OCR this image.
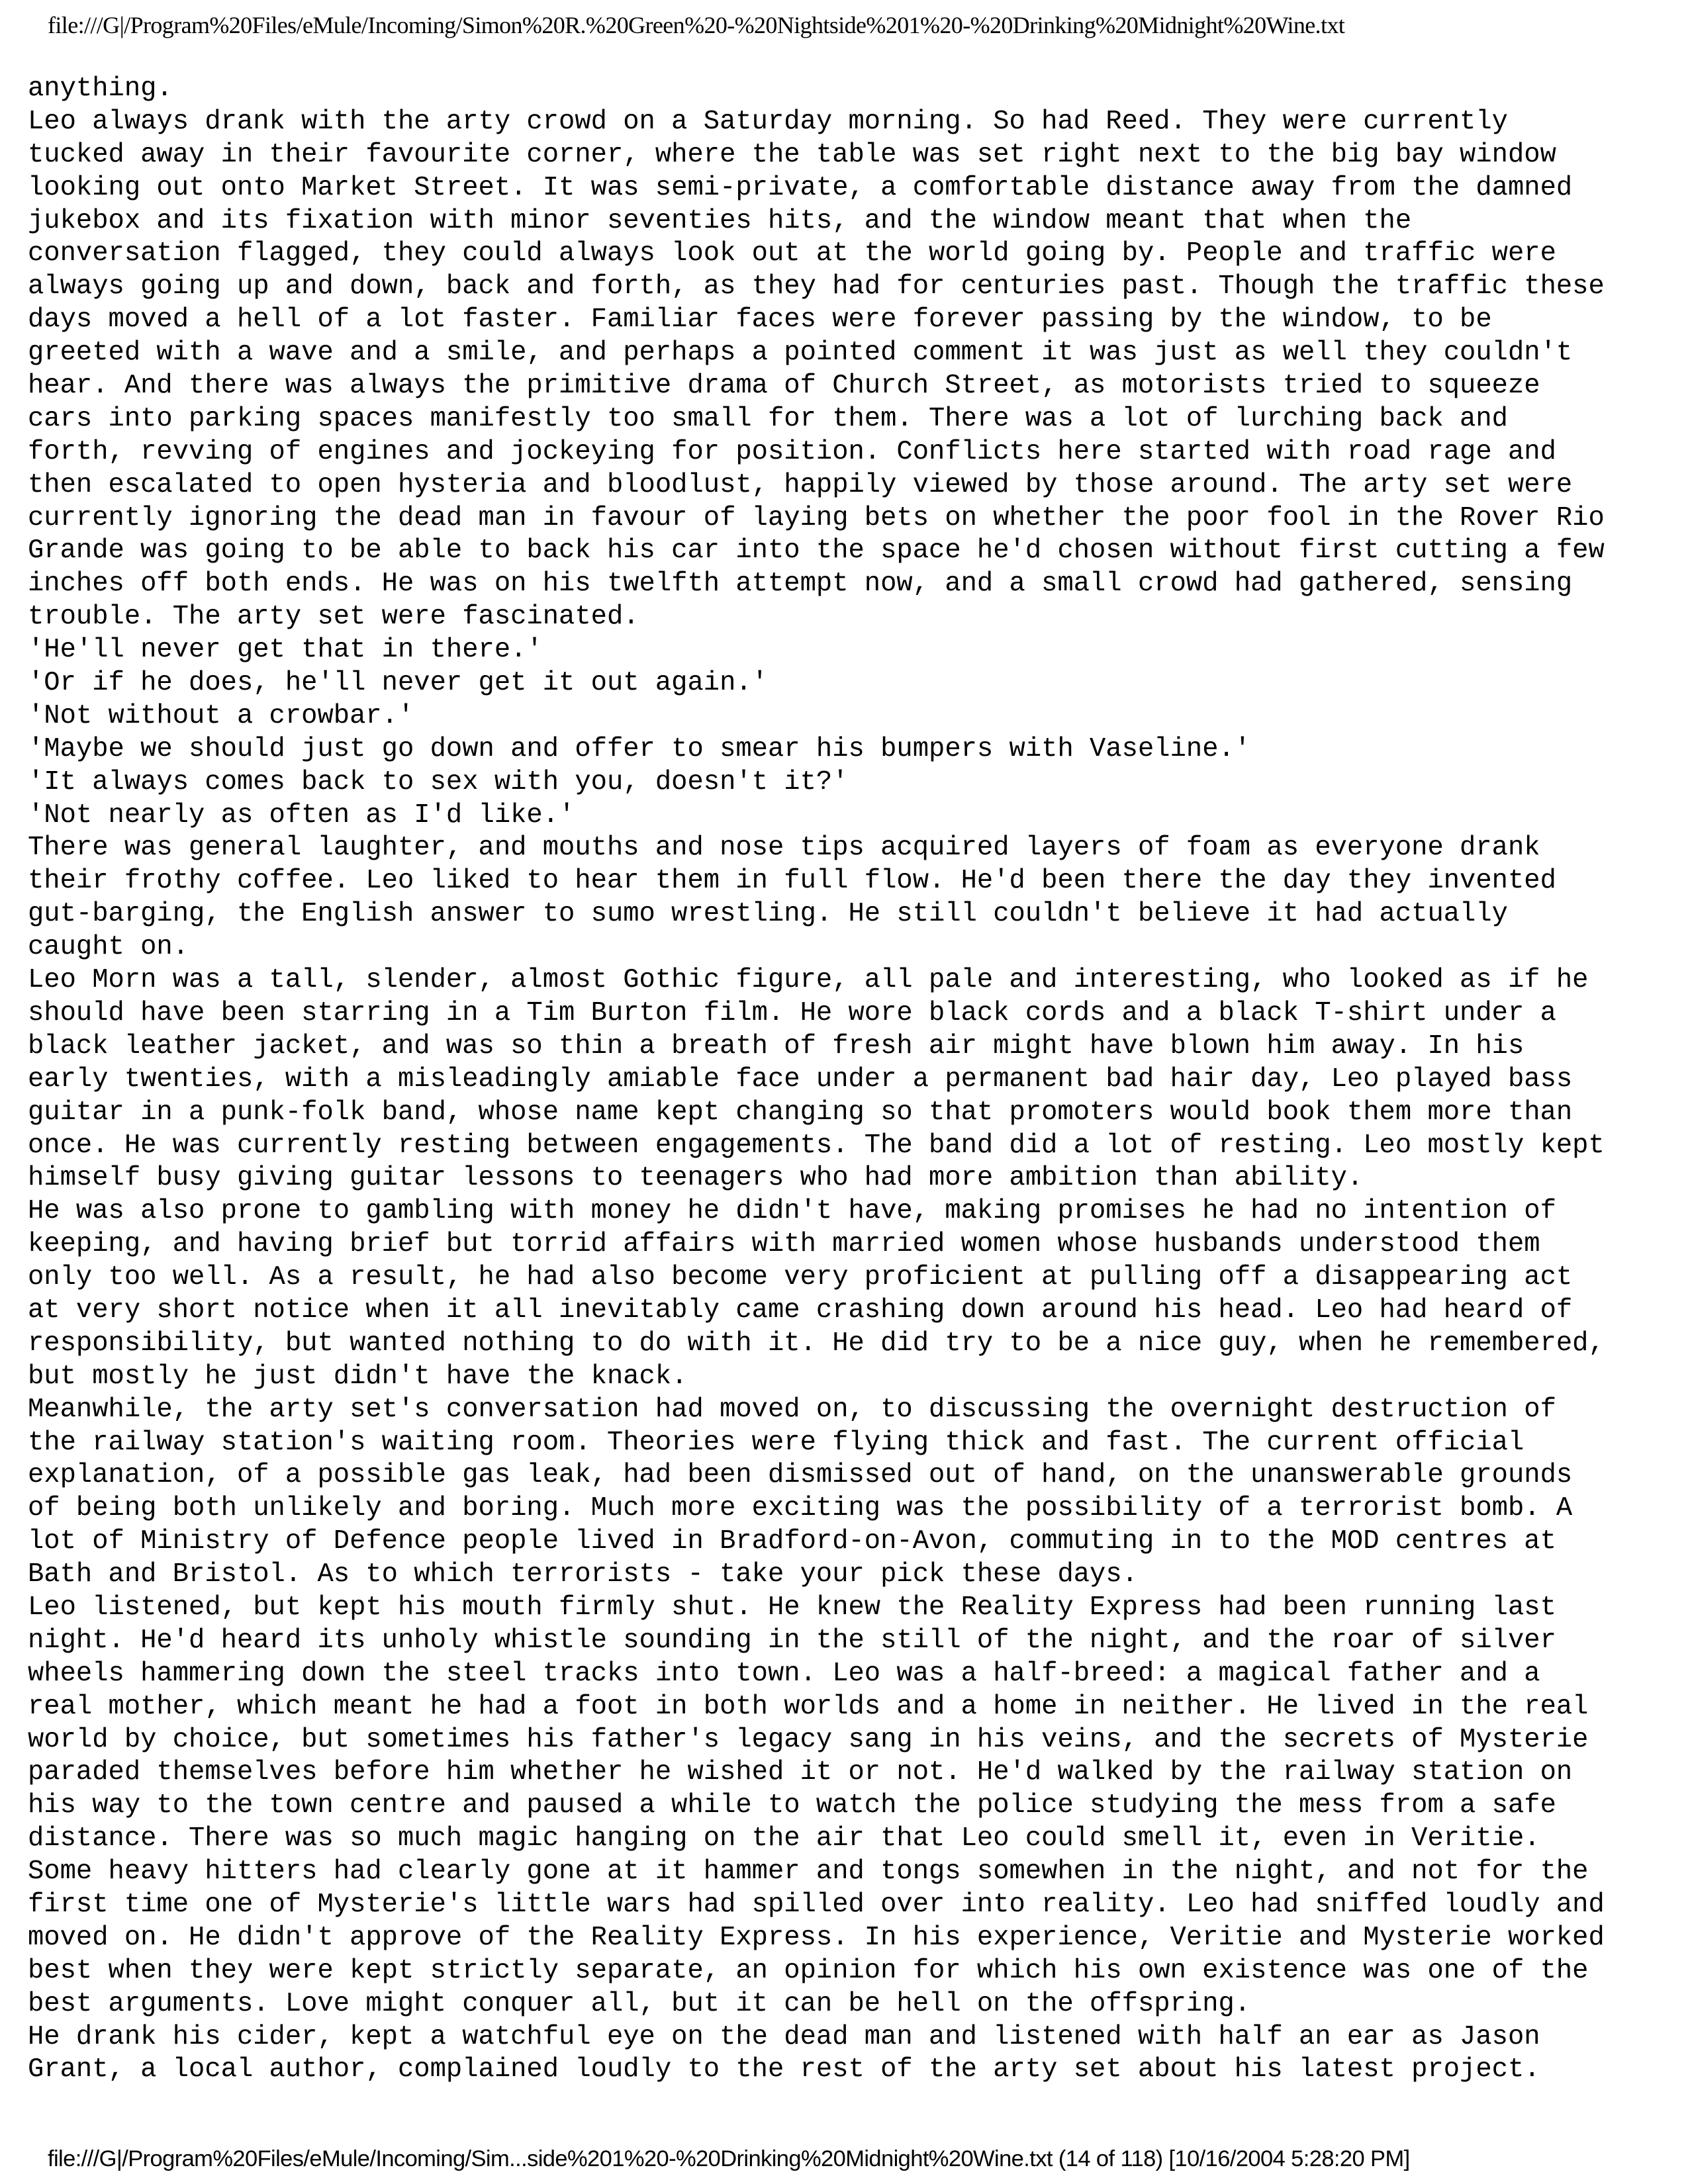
file:///G|/Program%20Files/eMule/Incoming/Simon%20R.%20Green%20-%20Nightside%201%20-%20Drinking%20Midnight%20Wine.txt
anything.
Leo always drank with the arty crowd on a Saturday morning. So had Reed. They were currently
tucked away in their favourite corner, where the table was set right next to the big bay window
looking out onto Market Street. It was semi-private, a comfortable distance away from the damned
jukebox and its fixation with minor seventies hits, and the window meant that when the
conversation flagged, they could always look out at the world going by. People and traffic were
always going up and down, back and forth, as they had for centuries past. Though the traffic these
days moved a hell of a lot faster. Familiar faces were forever passing by the window, to be
greeted with a wave and a smile, and perhaps a pointed comment it was just as well they couldn't
hear. And there was always the primitive drama of Church Street, as motorists tried to squeeze
cars into parking spaces manifestly too small for them. There was a lot of lurching back and
forth, revving of engines and jockeying for position. Conflicts here started with road rage and
then escalated to open hysteria and bloodlust, happily viewed by those around. The arty set were
currently ignoring the dead man in favour of laying bets on whether the poor fool in the Rover Rio
Grande was going to be able to back his car into the space he'd chosen without first cutting a few
inches off both ends. He was on his twelfth attempt now, and a small crowd had gathered, sensing
trouble. The arty set were fascinated.
'He'll never get that in there.'
'Or if he does, he'll never get it out again.'
'Not without a crowbar.'
'Maybe we should just go down and offer to smear his bumpers with Vaseline.'
'It always comes back to sex with you, doesn't it?'
'Not nearly as often as I'd like.'
There was general laughter, and mouths and nose tips acquired layers of foam as everyone drank
their frothy coffee. Leo liked to hear them in full flow. He'd been there the day they invented
gut-barging, the English answer to sumo wrestling. He still couldn't believe it had actually
caught on.
Leo Morn was a tall, slender, almost Gothic figure, all pale and interesting, who looked as if he
should have been starring in a Tim Burton film. He wore black cords and a black T-shirt under a
black leather jacket, and was so thin a breath of fresh air might have blown him away. In his
early twenties, with a misleadingly amiable face under a permanent bad hair day, Leo played bass
guitar in a punk-folk band, whose name kept changing so that promoters would book them more than
once. He was currently resting between engagements. The band did a lot of resting. Leo mostly kept
himself busy giving guitar lessons to teenagers who had more ambition than ability.
He was also prone to gambling with money he didn't have, making promises he had no intention of
keeping, and having brief but torrid affairs with married women whose husbands understood them
only too well. As a result, he had also become very proficient at pulling off a disappearing act
at very short notice when it all inevitably came crashing down around his head. Leo had heard of
responsibility, but wanted nothing to do with it. He did try to be a nice guy, when he remembered,
but mostly he just didn't have the knack.
Meanwhile, the arty set's conversation had moved on, to discussing the overnight destruction of
the railway station's waiting room. Theories were flying thick and fast. The current official
explanation, of a possible gas leak, had been dismissed out of hand, on the unanswerable grounds
of being both unlikely and boring. Much more exciting was the possibility of a terrorist bomb. A
lot of Ministry of Defence people lived in Bradford-on-Avon, commuting in to the MOD centres at
Bath and Bristol. As to which terrorists - take your pick these days.
Leo listened, but kept his mouth firmly shut. He knew the Reality Express had been running last
night. He'd heard its unholy whistle sounding in the still of the night, and the roar of silver
wheels hammering down the steel tracks into town. Leo was a half-breed: a magical father and a
real mother, which meant he had a foot in both worlds and a home in neither. He lived in the real
world by choice, but sometimes his father's legacy sang in his veins, and the secrets of Mysterie
paraded themselves before him whether he wished it or not. He'd walked by the railway station on
his way to the town centre and paused a while to watch the police studying the mess from a safe
distance. There was so much magic hanging on the air that Leo could smell it, even in Veritie.
Some heavy hitters had clearly gone at it hammer and tongs somewhen in the night, and not for the
first time one of Mysterie's little wars had spilled over into reality. Leo had sniffed loudly and
moved on. He didn't approve of the Reality Express. In his experience, Veritie and Mysterie worked
best when they were kept strictly separate, an opinion for which his own existence was one of the
best arguments. Love might conquer all, but it can be hell on the offspring.
He drank his cider, kept a watchful eye on the dead man and listened with half an ear as Jason
Grant, a local author, complained loudly to the rest of the arty set about his latest project.
file:///G|/Program%20Files/eMule/Incoming/Sim...side%201%20-%20Drinking%20Midnight%20Wine.txt (14 of 118) [10/16/2004 5:28:20 PM]
